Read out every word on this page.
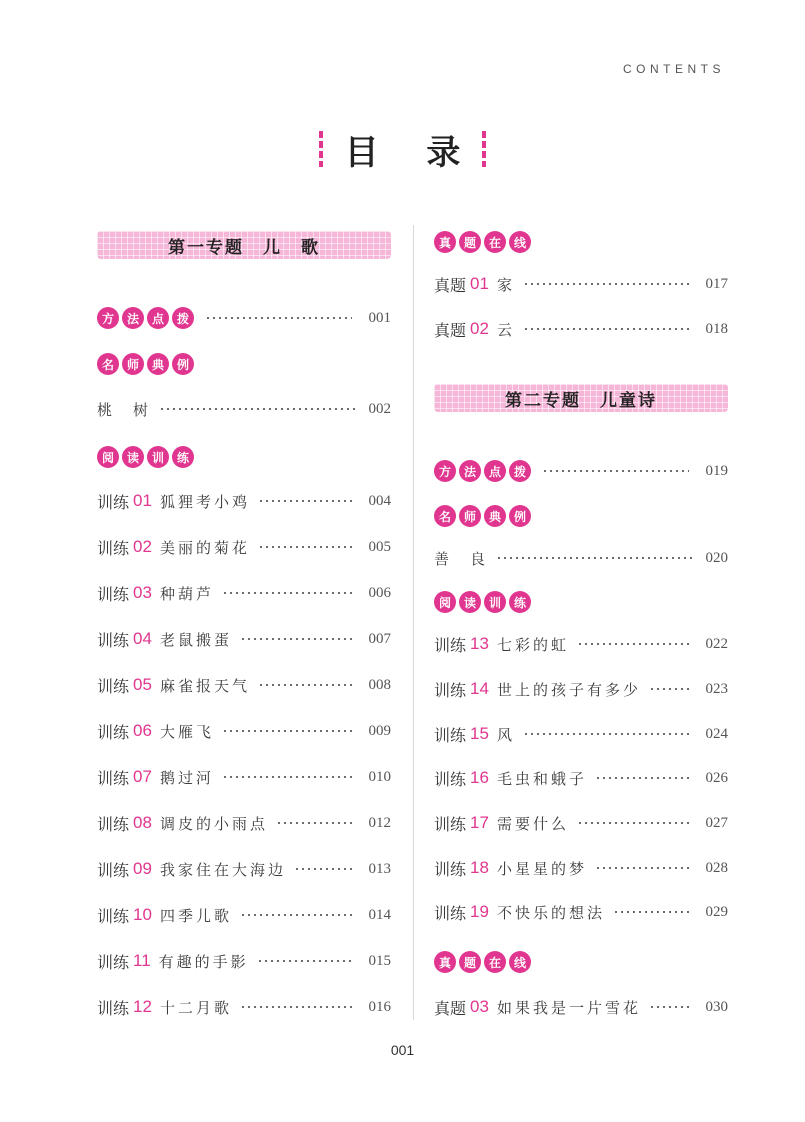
CONTENTS
目 录
第一专题　儿　歌
方	法	点	拨	001
名	师	典	例
桃　树	002
阅	读	训	练
训练 01 狐狸考小鸡	004
训练 02 美丽的菊花	005
训练 03 种葫芦	006
训练 04 老鼠搬蛋	007
训练 05 麻雀报天气	008
训练 06 大雁飞	009
训练 07 鹅过河	010
训练 08 调皮的小雨点	012
训练 09 我家住在大海边	013
训练 10 四季儿歌	014
训练 11 有趣的手影	015
训练 12 十二月歌	016
真	题	在	线
真题 01 家	017
真题 02 云	018
第二专题　儿童诗
方	法	点	拨	019
名	师	典	例
善　良	020
阅	读	训	练
训练 13 七彩的虹	022
训练 14 世上的孩子有多少	023
训练 15 风	024
训练 16 毛虫和蛾子	026
训练 17 需要什么	027
训练 18 小星星的梦	028
训练 19 不快乐的想法	029
真	题	在	线
真题 03 如果我是一片雪花	030
001
